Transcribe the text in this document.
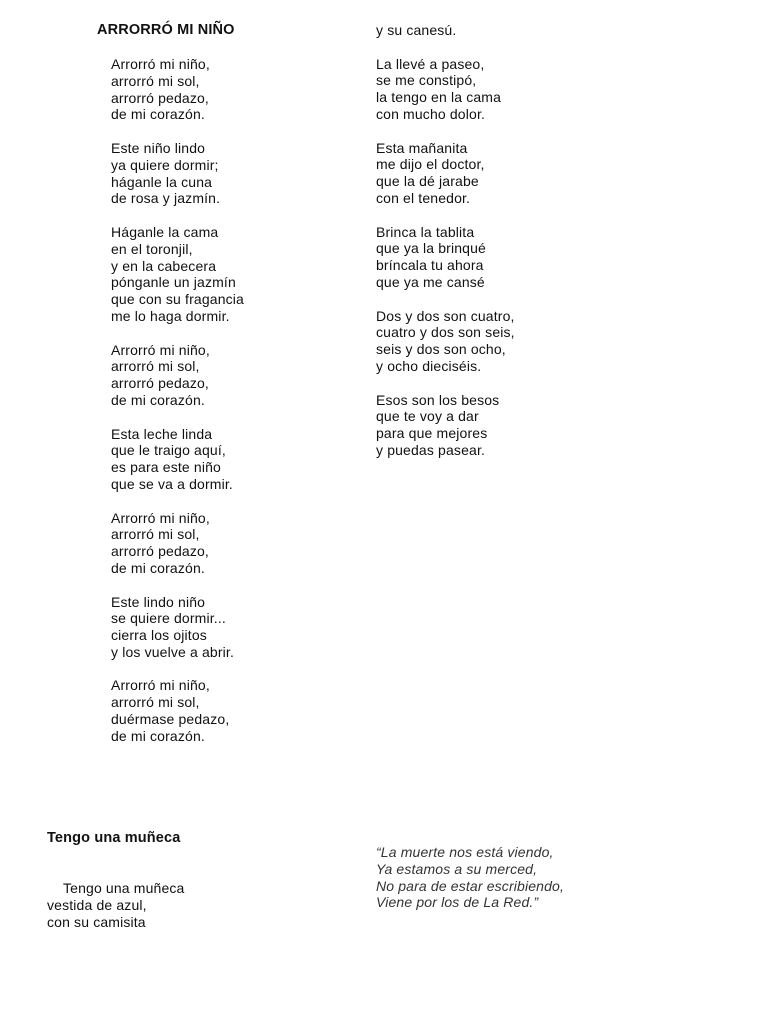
ARRORRÓ MI NIÑO
Arrorró mi niño,
arrorró mi sol,
arrorró pedazo,
de mi corazón.
Este niño lindo
ya quiere dormir;
háganle la cuna
de rosa y jazmín.
Háganle la cama
en el toronjil,
y en la cabecera
pónganle un jazmín
que con su fragancia
me lo haga dormir.
Arrorró mi niño,
arrorró mi sol,
arrorró pedazo,
de mi corazón.
Esta leche linda
que le traigo aquí,
es para este niño
que se va a dormir.
Arrorró mi niño,
arrorró mi sol,
arrorró pedazo,
de mi corazón.
Este lindo niño
se quiere dormir...
cierra los ojitos
y los vuelve a abrir.
Arrorró mi niño,
arrorró mi sol,
duérmase pedazo,
de mi corazón.
y su canesú.
La llevé a paseo,
se me constipó,
la tengo en la cama
con mucho dolor.
Esta mañanita
me dijo el doctor,
que la dé jarabe
con el tenedor.
Brinca la tablita
que ya la brinqué
bríncala tu ahora
que ya me cansé
Dos y dos son cuatro,
cuatro y dos son seis,
seis y dos son ocho,
y ocho dieciséis.
Esos son los besos
que te voy a dar
para que mejores
y puedas pasear.
Tengo una muñeca
Tengo una muñeca
vestida de azul,
con su camisita
“La muerte nos está viendo,
Ya estamos a su merced,
No para de estar escribiendo,
Viene por los de La Red.”
